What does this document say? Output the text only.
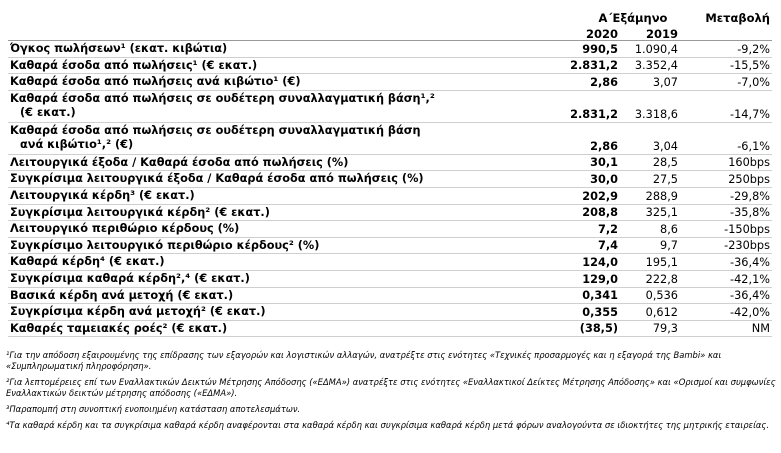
Α΄Εξάμηνο	Μεταβολή
2020	2019
Όγκος πωλήσεων¹ (εκατ. κιβώτια)	990,5	1.090,4	-9,2%
Καθαρά έσοδα από πωλήσεις¹ (€ εκατ.)	2.831,2	3.352,4	-15,5%
Καθαρά έσοδα από πωλήσεις ανά κιβώτιο¹ (€)	2,86	3,07	-7,0%
Καθαρά έσοδα από πωλήσεις σε ουδέτερη συναλλαγματική βάση¹,²
(€ εκατ.)	2.831,2	3.318,6	-14,7%
Καθαρά έσοδα από πωλήσεις σε ουδέτερη συναλλαγματική βάση
ανά κιβώτιο¹,² (€)	2,86	3,04	-6,1%
Λειτουργικά έξοδα / Καθαρά έσοδα από πωλήσεις (%)	30,1	28,5	160bps
Συγκρίσιμα λειτουργικά έξοδα / Καθαρά έσοδα από πωλήσεις (%)	30,0	27,5	250bps
Λειτουργικά κέρδη³ (€ εκατ.)	202,9	288,9	-29,8%
Συγκρίσιμα λειτουργικά κέρδη² (€ εκατ.)	208,8	325,1	-35,8%
Λειτουργικό περιθώριο κέρδους (%)	7,2	8,6	-150bps
Συγκρίσιμο λειτουργικό περιθώριο κέρδους² (%)	7,4	9,7	-230bps
Καθαρά κέρδη⁴ (€ εκατ.)	124,0	195,1	-36,4%
Συγκρίσιμα καθαρά κέρδη²,⁴ (€ εκατ.)	129,0	222,8	-42,1%
Βασικά κέρδη ανά μετοχή (€ εκατ.)	0,341	0,536	-36,4%
Συγκρίσιμα κέρδη ανά μετοχή² (€ εκατ.)	0,355	0,612	-42,0%
Καθαρές ταμειακές ροές² (€ εκατ.)	(38,5)	79,3	NM
¹Για την απόδοση εξαιρουμένης της επίδρασης των εξαγορών και λογιστικών αλλαγών, ανατρέξτε στις ενότητες «Τεχνικές προσαρμογές και η εξαγορά της Bambi» και «Συμπληρωματική πληροφόρηση».
²Για λεπτομέρειες επί των Εναλλακτικών Δεικτών Μέτρησης Απόδοσης («ΕΔΜΑ») ανατρέξτε στις ενότητες «Εναλλακτικοί Δείκτες Μέτρησης Απόδοσης» και «Ορισμοί και συμφωνίες Εναλλακτικών δεικτών μέτρησης απόδοσης («ΕΔΜΑ»).
³Παραπομπή στη συνοπτική ενοποιημένη κατάσταση αποτελεσμάτων.
⁴Τα καθαρά κέρδη και τα συγκρίσιμα καθαρά κέρδη αναφέρονται στα καθαρά κέρδη και συγκρίσιμα καθαρά κέρδη μετά φόρων αναλογούντα σε ιδιοκτήτες της μητρικής εταιρείας.
